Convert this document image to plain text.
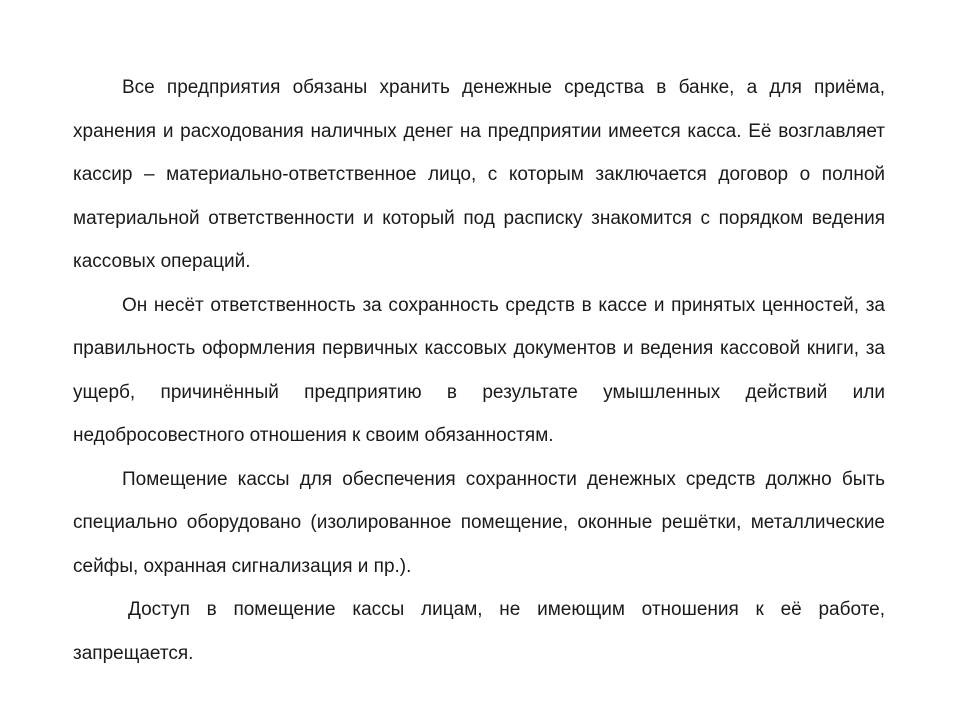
Все предприятия обязаны хранить денежные средства в банке, а для приёма, хранения и расходования наличных денег на предприятии имеется касса. Её возглавляет кассир – материально-ответственное лицо, с которым заключается договор о полной материальной ответственности и который под расписку знакомится с порядком ведения кассовых операций.

Он несёт ответственность за сохранность средств в кассе и принятых ценностей, за правильность оформления первичных кассовых документов и ведения кассовой книги, за ущерб, причинённый предприятию в результате умышленных действий или недобросовестного отношения к своим обязанностям.

Помещение кассы для обеспечения сохранности денежных средств должно быть специально оборудовано (изолированное помещение, оконные решётки, металлические сейфы, охранная сигнализация и пр.).

Доступ в помещение кассы лицам, не имеющим отношения к её работе, запрещается.
